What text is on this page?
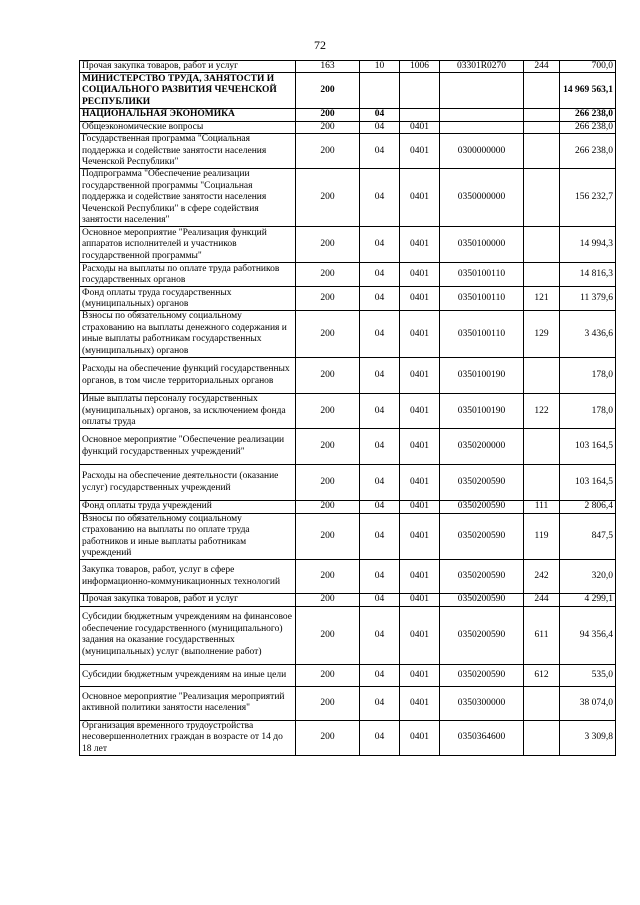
72
Прочая закупка товаров, работ и услуг	163	10	1006	03301R0270	244	700,0
МИНИСТЕРСТВО ТРУДА, ЗАНЯТОСТИ И СОЦИАЛЬНОГО РАЗВИТИЯ ЧЕЧЕНСКОЙ РЕСПУБЛИКИ	200					14 969 563,1
НАЦИОНАЛЬНАЯ ЭКОНОМИКА	200	04				266 238,0
Общеэкономические вопросы	200	04	0401			266 238,0
Государственная программа "Социальная поддержка и содействие занятости населения Чеченской Республики"	200	04	0401	0300000000		266 238,0
Подпрограмма "Обеспечение реализации государственной программы "Социальная поддержка и содействие занятости населения Чеченской Республики" в сфере содействия занятости населения"	200	04	0401	0350000000		156 232,7
Основное мероприятие "Реализация функций аппаратов исполнителей и участников государственной программы"	200	04	0401	0350100000		14 994,3
Расходы на выплаты по оплате труда работников государственных органов	200	04	0401	0350100110		14 816,3
Фонд оплаты труда государственных (муниципальных) органов	200	04	0401	0350100110	121	11 379,6
Взносы по обязательному социальному страхованию на выплаты денежного содержания и иные выплаты работникам государственных (муниципальных) органов	200	04	0401	0350100110	129	3 436,6
Расходы на обеспечение функций государственных органов, в том числе территориальных органов	200	04	0401	0350100190		178,0
Иные выплаты персоналу государственных (муниципальных) органов, за исключением фонда оплаты труда	200	04	0401	0350100190	122	178,0
Основное мероприятие "Обеспечение реализации функций государственных учреждений"	200	04	0401	0350200000		103 164,5
Расходы на обеспечение деятельности (оказание услуг) государственных учреждений	200	04	0401	0350200590		103 164,5
Фонд оплаты труда учреждений	200	04	0401	0350200590	111	2 806,4
Взносы по обязательному социальному страхованию на выплаты по оплате труда работников и иные выплаты работникам учреждений	200	04	0401	0350200590	119	847,5
Закупка товаров, работ, услуг в сфере информационно-коммуникационных технологий	200	04	0401	0350200590	242	320,0
Прочая закупка товаров, работ и услуг	200	04	0401	0350200590	244	4 299,1
Субсидии бюджетным учреждениям на финансовое обеспечение государственного (муниципального) задания на оказание государственных (муниципальных) услуг (выполнение работ)	200	04	0401	0350200590	611	94 356,4
Субсидии бюджетным учреждениям на иные цели	200	04	0401	0350200590	612	535,0
Основное мероприятие "Реализация мероприятий активной политики занятости населения"	200	04	0401	0350300000		38 074,0
Организация временного трудоустройства несовершеннолетних граждан в возрасте от 14 до 18 лет	200	04	0401	0350364600		3 309,8
